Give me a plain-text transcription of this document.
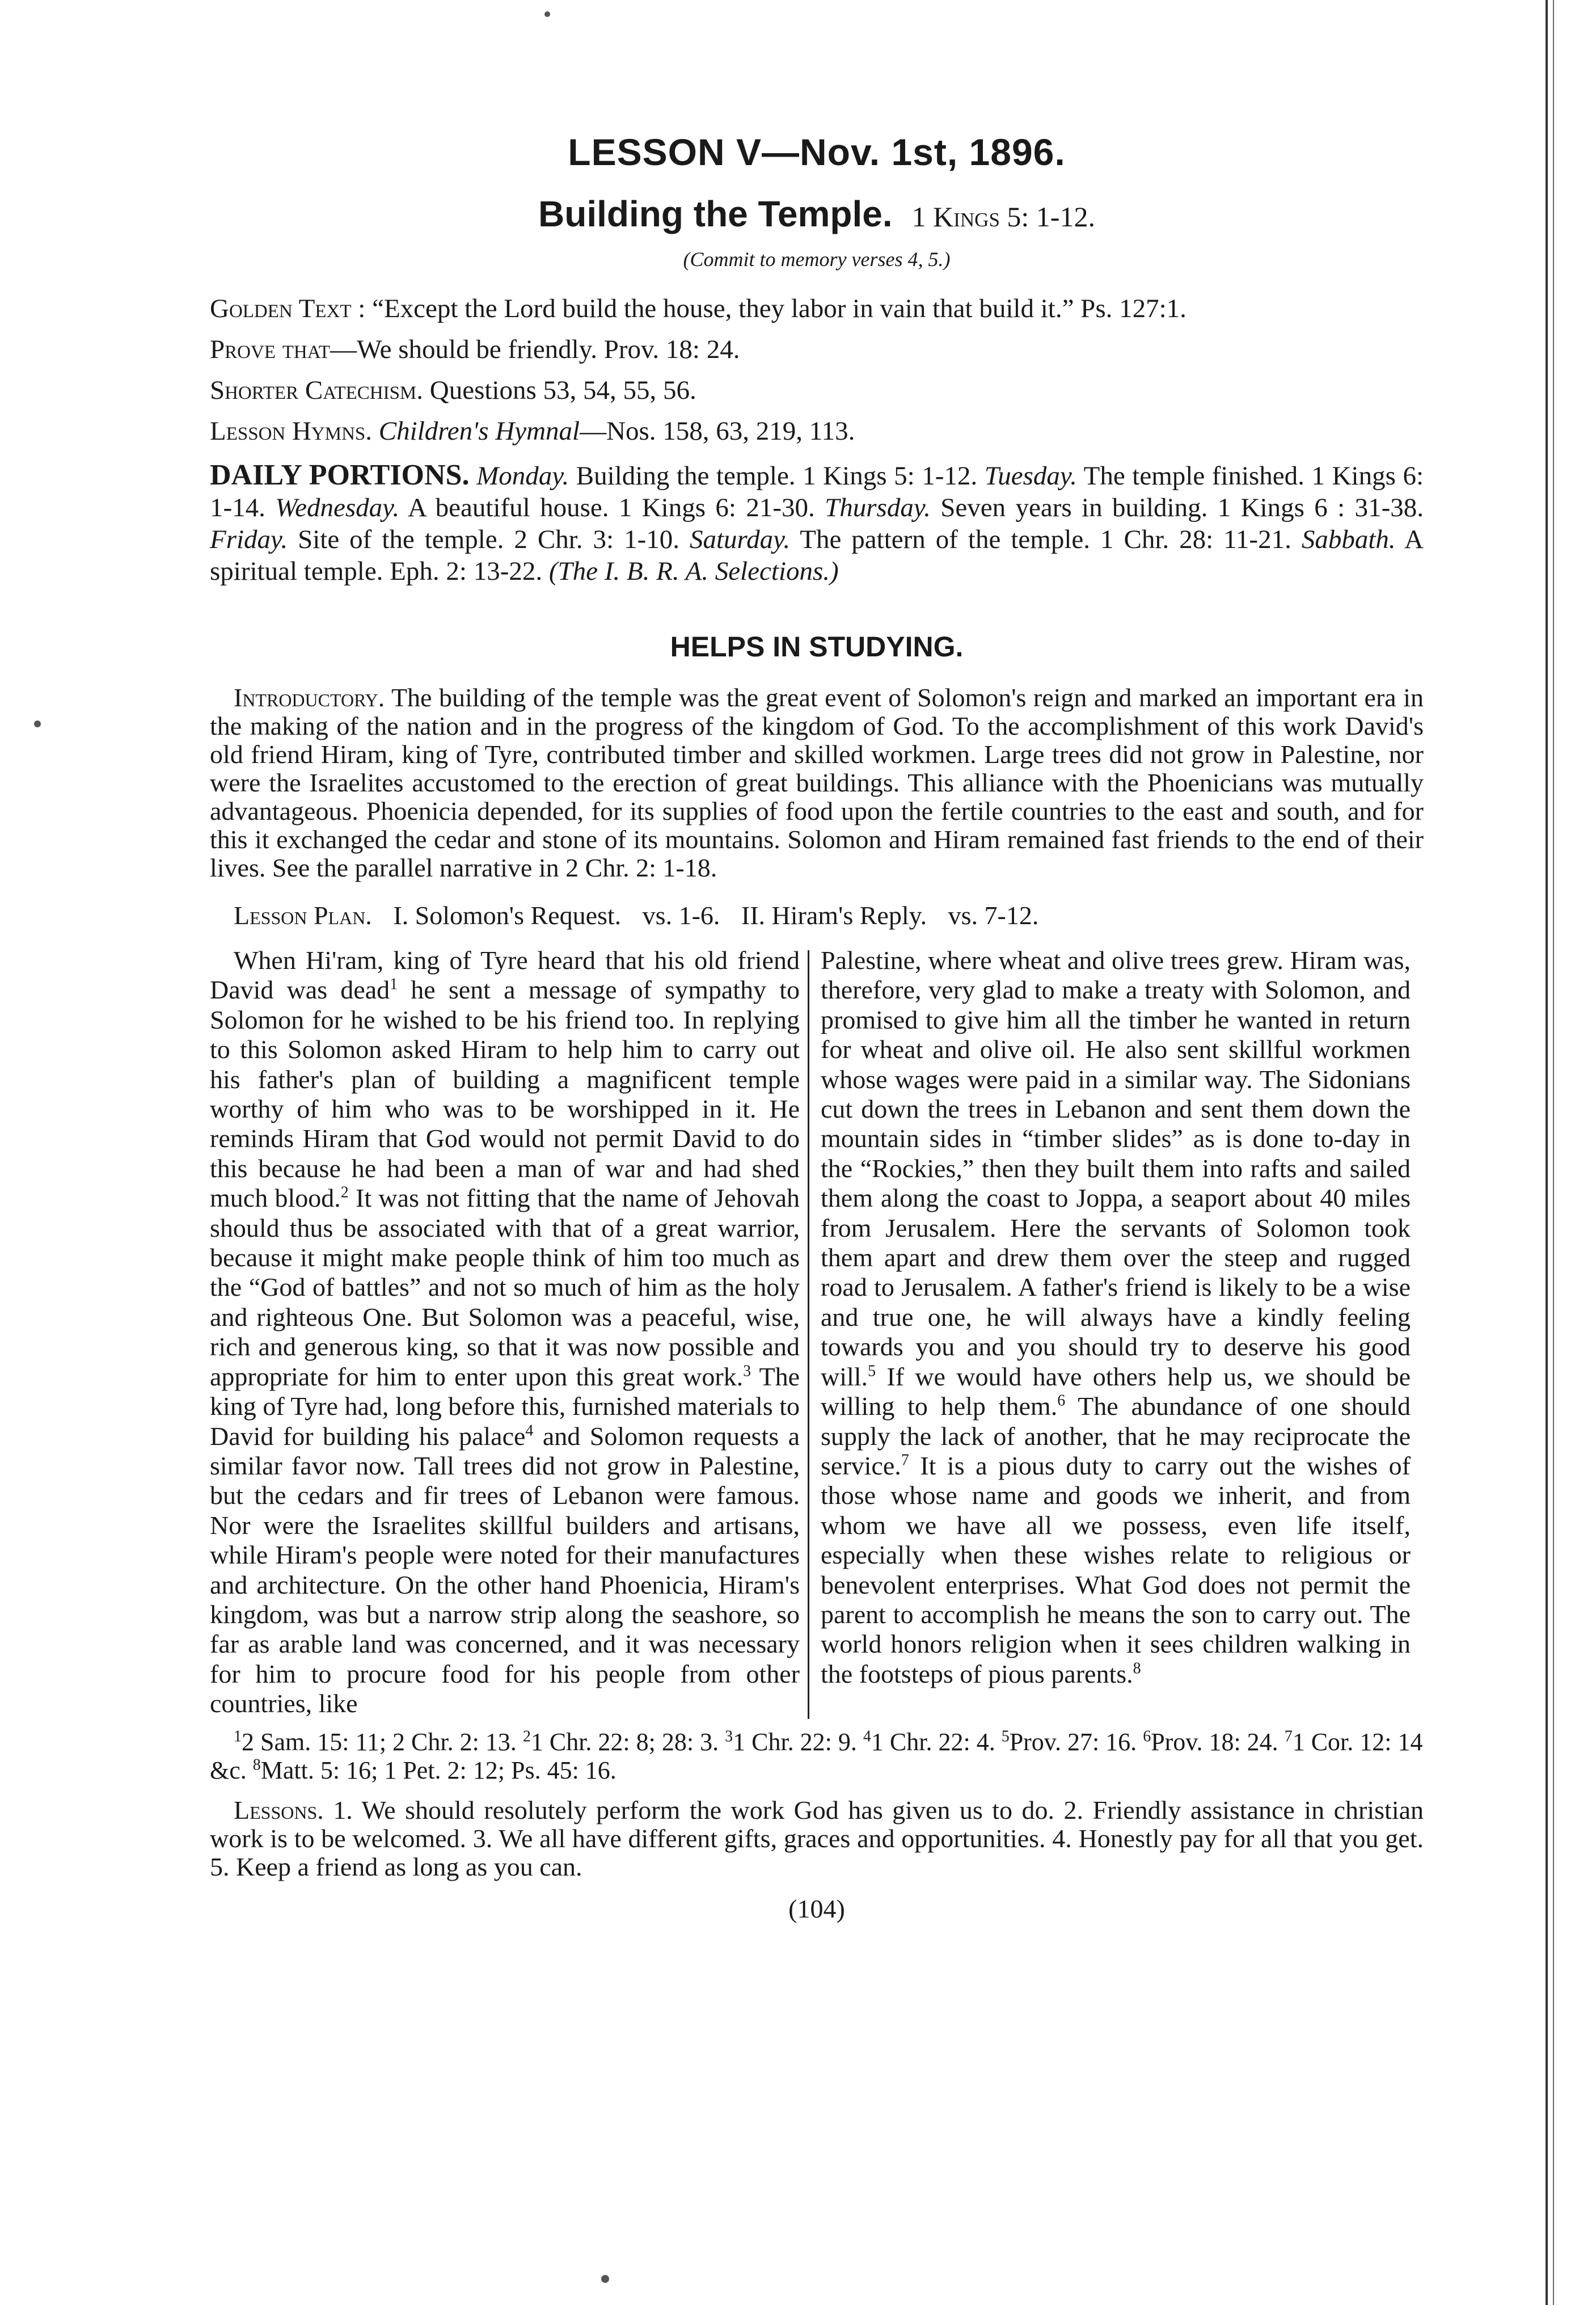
LESSON V—Nov. 1st, 1896.
Building the Temple. 1 Kings 5: 1-12.
(Commit to memory verses 4, 5.)
Golden Text : “Except the Lord build the house, they labor in vain that build it.” Ps. 127:1.
Prove that—We should be friendly. Prov. 18: 24.
Shorter Catechism. Questions 53, 54, 55, 56.
Lesson Hymns. Children's Hymnal—Nos. 158, 63, 219, 113.
DAILY PORTIONS. Monday. Building the temple. 1 Kings 5: 1-12. Tuesday. The temple finished. 1 Kings 6: 1-14. Wednesday. A beautiful house. 1 Kings 6: 21-30. Thursday. Seven years in building. 1 Kings 6 : 31-38. Friday. Site of the temple. 2 Chr. 3: 1-10. Saturday. The pattern of the temple. 1 Chr. 28: 11-21. Sabbath. A spiritual temple. Eph. 2: 13-22. (The I. B. R. A. Selections.)
HELPS IN STUDYING.
Introductory. The building of the temple was the great event of Solomon's reign and marked an important era in the making of the nation and in the progress of the kingdom of God. To the accomplishment of this work David's old friend Hiram, king of Tyre, contributed timber and skilled workmen. Large trees did not grow in Palestine, nor were the Israelites accustomed to the erection of great buildings. This alliance with the Phoenicians was mutually advantageous. Phoenicia depended, for its supplies of food upon the fertile countries to the east and south, and for this it exchanged the cedar and stone of its mountains. Solomon and Hiram remained fast friends to the end of their lives. See the parallel narrative in 2 Chr. 2: 1-18.
Lesson Plan. I. Solomon's Request. vs. 1-6. II. Hiram's Reply. vs. 7-12.
When Hi'ram, king of Tyre heard that his old friend David was dead$^1$ he sent a message of sympathy to Solomon for he wished to be his friend too. In replying to this Solomon asked Hiram to help him to carry out his father's plan of building a magnificent temple worthy of him who was to be worshipped in it. He reminds Hiram that God would not permit David to do this because he had been a man of war and had shed much blood.$^2$ It was not fitting that the name of Jehovah should thus be associated with that of a great warrior, because it might make people think of him too much as the “God of battles” and not so much of him as the holy and righteous One. But Solomon was a peaceful, wise, rich and generous king, so that it was now possible and appropriate for him to enter upon this great work.$^3$ The king of Tyre had, long before this, furnished materials to David for building his palace$^4$ and Solomon requests a similar favor now. Tall trees did not grow in Palestine, but the cedars and fir trees of Lebanon were famous. Nor were the Israelites skillful builders and artisans, while Hiram's people were noted for their manufactures and architecture. On the other hand Phoenicia, Hiram's kingdom, was but a narrow strip along the seashore, so far as arable land was concerned, and it was necessary for him to procure food for his people from other countries, like
Palestine, where wheat and olive trees grew. Hiram was, therefore, very glad to make a treaty with Solomon, and promised to give him all the timber he wanted in return for wheat and olive oil. He also sent skillful workmen whose wages were paid in a similar way. The Sidonians cut down the trees in Lebanon and sent them down the mountain sides in “timber slides” as is done to-day in the “Rockies,” then they built them into rafts and sailed them along the coast to Joppa, a seaport about 40 miles from Jerusalem. Here the servants of Solomon took them apart and drew them over the steep and rugged road to Jerusalem. A father's friend is likely to be a wise and true one, he will always have a kindly feeling towards you and you should try to deserve his good will.$^5$ If we would have others help us, we should be willing to help them.$^6$ The abundance of one should supply the lack of another, that he may reciprocate the service.$^7$ It is a pious duty to carry out the wishes of those whose name and goods we inherit, and from whom we have all we possess, even life itself, especially when these wishes relate to religious or benevolent enterprises. What God does not permit the parent to accomplish he means the son to carry out. The world honors religion when it sees children walking in the footsteps of pious parents.$^8$
$^1$2 Sam. 15: 11; 2 Chr. 2: 13. $^2$1 Chr. 22: 8; 28: 3. $^3$1 Chr. 22: 9. $^4$1 Chr. 22: 4. $^5$Prov. 27: 16. $^6$Prov. 18: 24. $^7$1 Cor. 12: 14 &c. $^8$Matt. 5: 16; 1 Pet. 2: 12; Ps. 45: 16.
Lessons. 1. We should resolutely perform the work God has given us to do. 2. Friendly assistance in christian work is to be welcomed. 3. We all have different gifts, graces and opportunities. 4. Honestly pay for all that you get. 5. Keep a friend as long as you can.
(104)
